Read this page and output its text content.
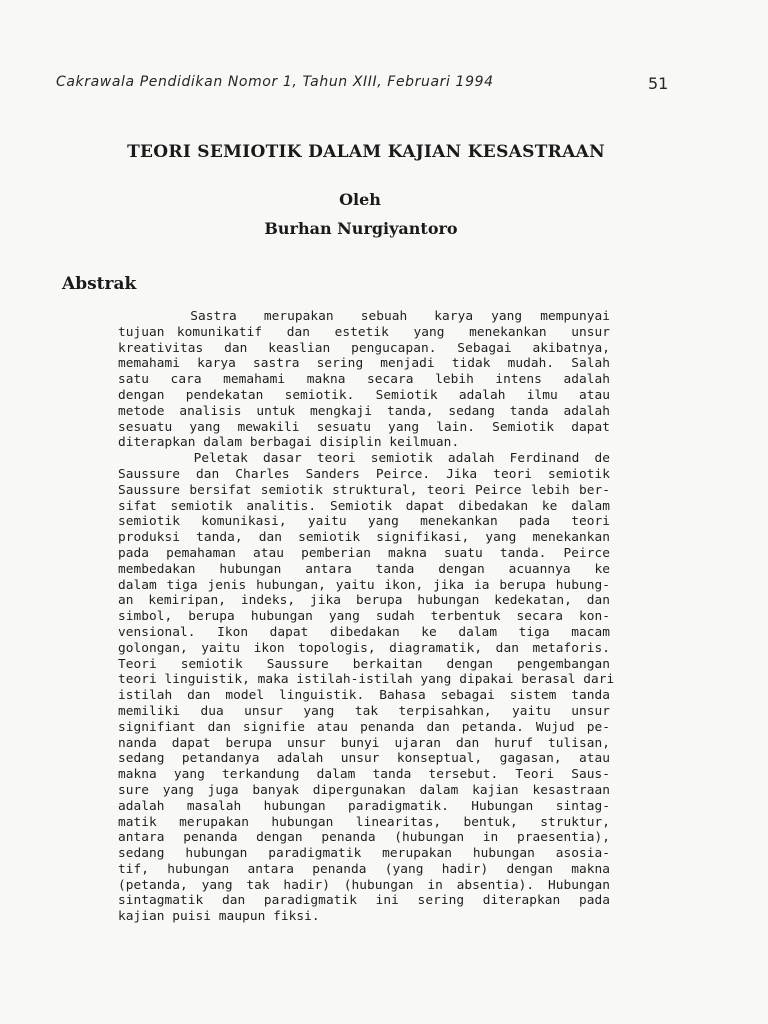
Cakrawala Pendidikan Nomor 1, Tahun XIII, Februari 1994	51
TEORI SEMIOTIK DALAM KAJIAN KESASTRAAN
Oleh
Burhan Nurgiyantoro
Abstrak
Sastra   merupakan   sebuah   karya  yang  mempunyai
tujuan komunikatif  dan  estetik  yang  menekankan  unsur
kreativitas dan keaslian pengucapan. Sebagai akibatnya,
memahami karya sastra sering menjadi tidak mudah. Salah
satu cara memahami makna secara lebih intens adalah
dengan pendekatan semiotik. Semiotik adalah ilmu atau
metode analisis untuk mengkaji tanda, sedang tanda adalah
sesuatu yang mewakili sesuatu yang lain. Semiotik dapat
diterapkan dalam berbagai disiplin keilmuan.
Peletak dasar teori semiotik adalah Ferdinand de
Saussure dan Charles Sanders Peirce. Jika teori semiotik
Saussure bersifat semiotik struktural, teori Peirce lebih ber-
sifat semiotik analitis. Semiotik dapat dibedakan ke dalam
semiotik komunikasi, yaitu yang menekankan pada teori
produksi tanda, dan semiotik signifikasi, yang menekankan
pada pemahaman atau pemberian makna suatu tanda. Peirce
membedakan hubungan antara tanda dengan acuannya ke
dalam tiga jenis hubungan, yaitu ikon, jika ia berupa hubung-
an kemiripan, indeks, jika berupa hubungan kedekatan, dan
simbol, berupa hubungan yang sudah terbentuk secara kon-
vensional. Ikon dapat dibedakan ke dalam tiga macam
golongan, yaitu ikon topologis, diagramatik, dan metaforis.
Teori semiotik Saussure berkaitan dengan pengembangan
teori linguistik, maka istilah-istilah yang dipakai berasal dari
istilah dan model linguistik. Bahasa sebagai sistem tanda
memiliki dua unsur yang tak terpisahkan, yaitu unsur
signifiant dan signifie atau penanda dan petanda. Wujud pe-
nanda dapat berupa unsur bunyi ujaran dan huruf tulisan,
sedang petandanya adalah unsur konseptual, gagasan, atau
makna yang terkandung dalam tanda tersebut. Teori Saus-
sure yang juga banyak dipergunakan dalam kajian kesastraan
adalah masalah hubungan paradigmatik. Hubungan sintag-
matik merupakan hubungan linearitas, bentuk, struktur,
antara penanda dengan penanda (hubungan in praesentia),
sedang hubungan paradigmatik merupakan hubungan asosia-
tif, hubungan antara penanda (yang hadir) dengan makna
(petanda, yang tak hadir) (hubungan in absentia). Hubungan
sintagmatik dan paradigmatik ini sering diterapkan pada
kajian puisi maupun fiksi.
